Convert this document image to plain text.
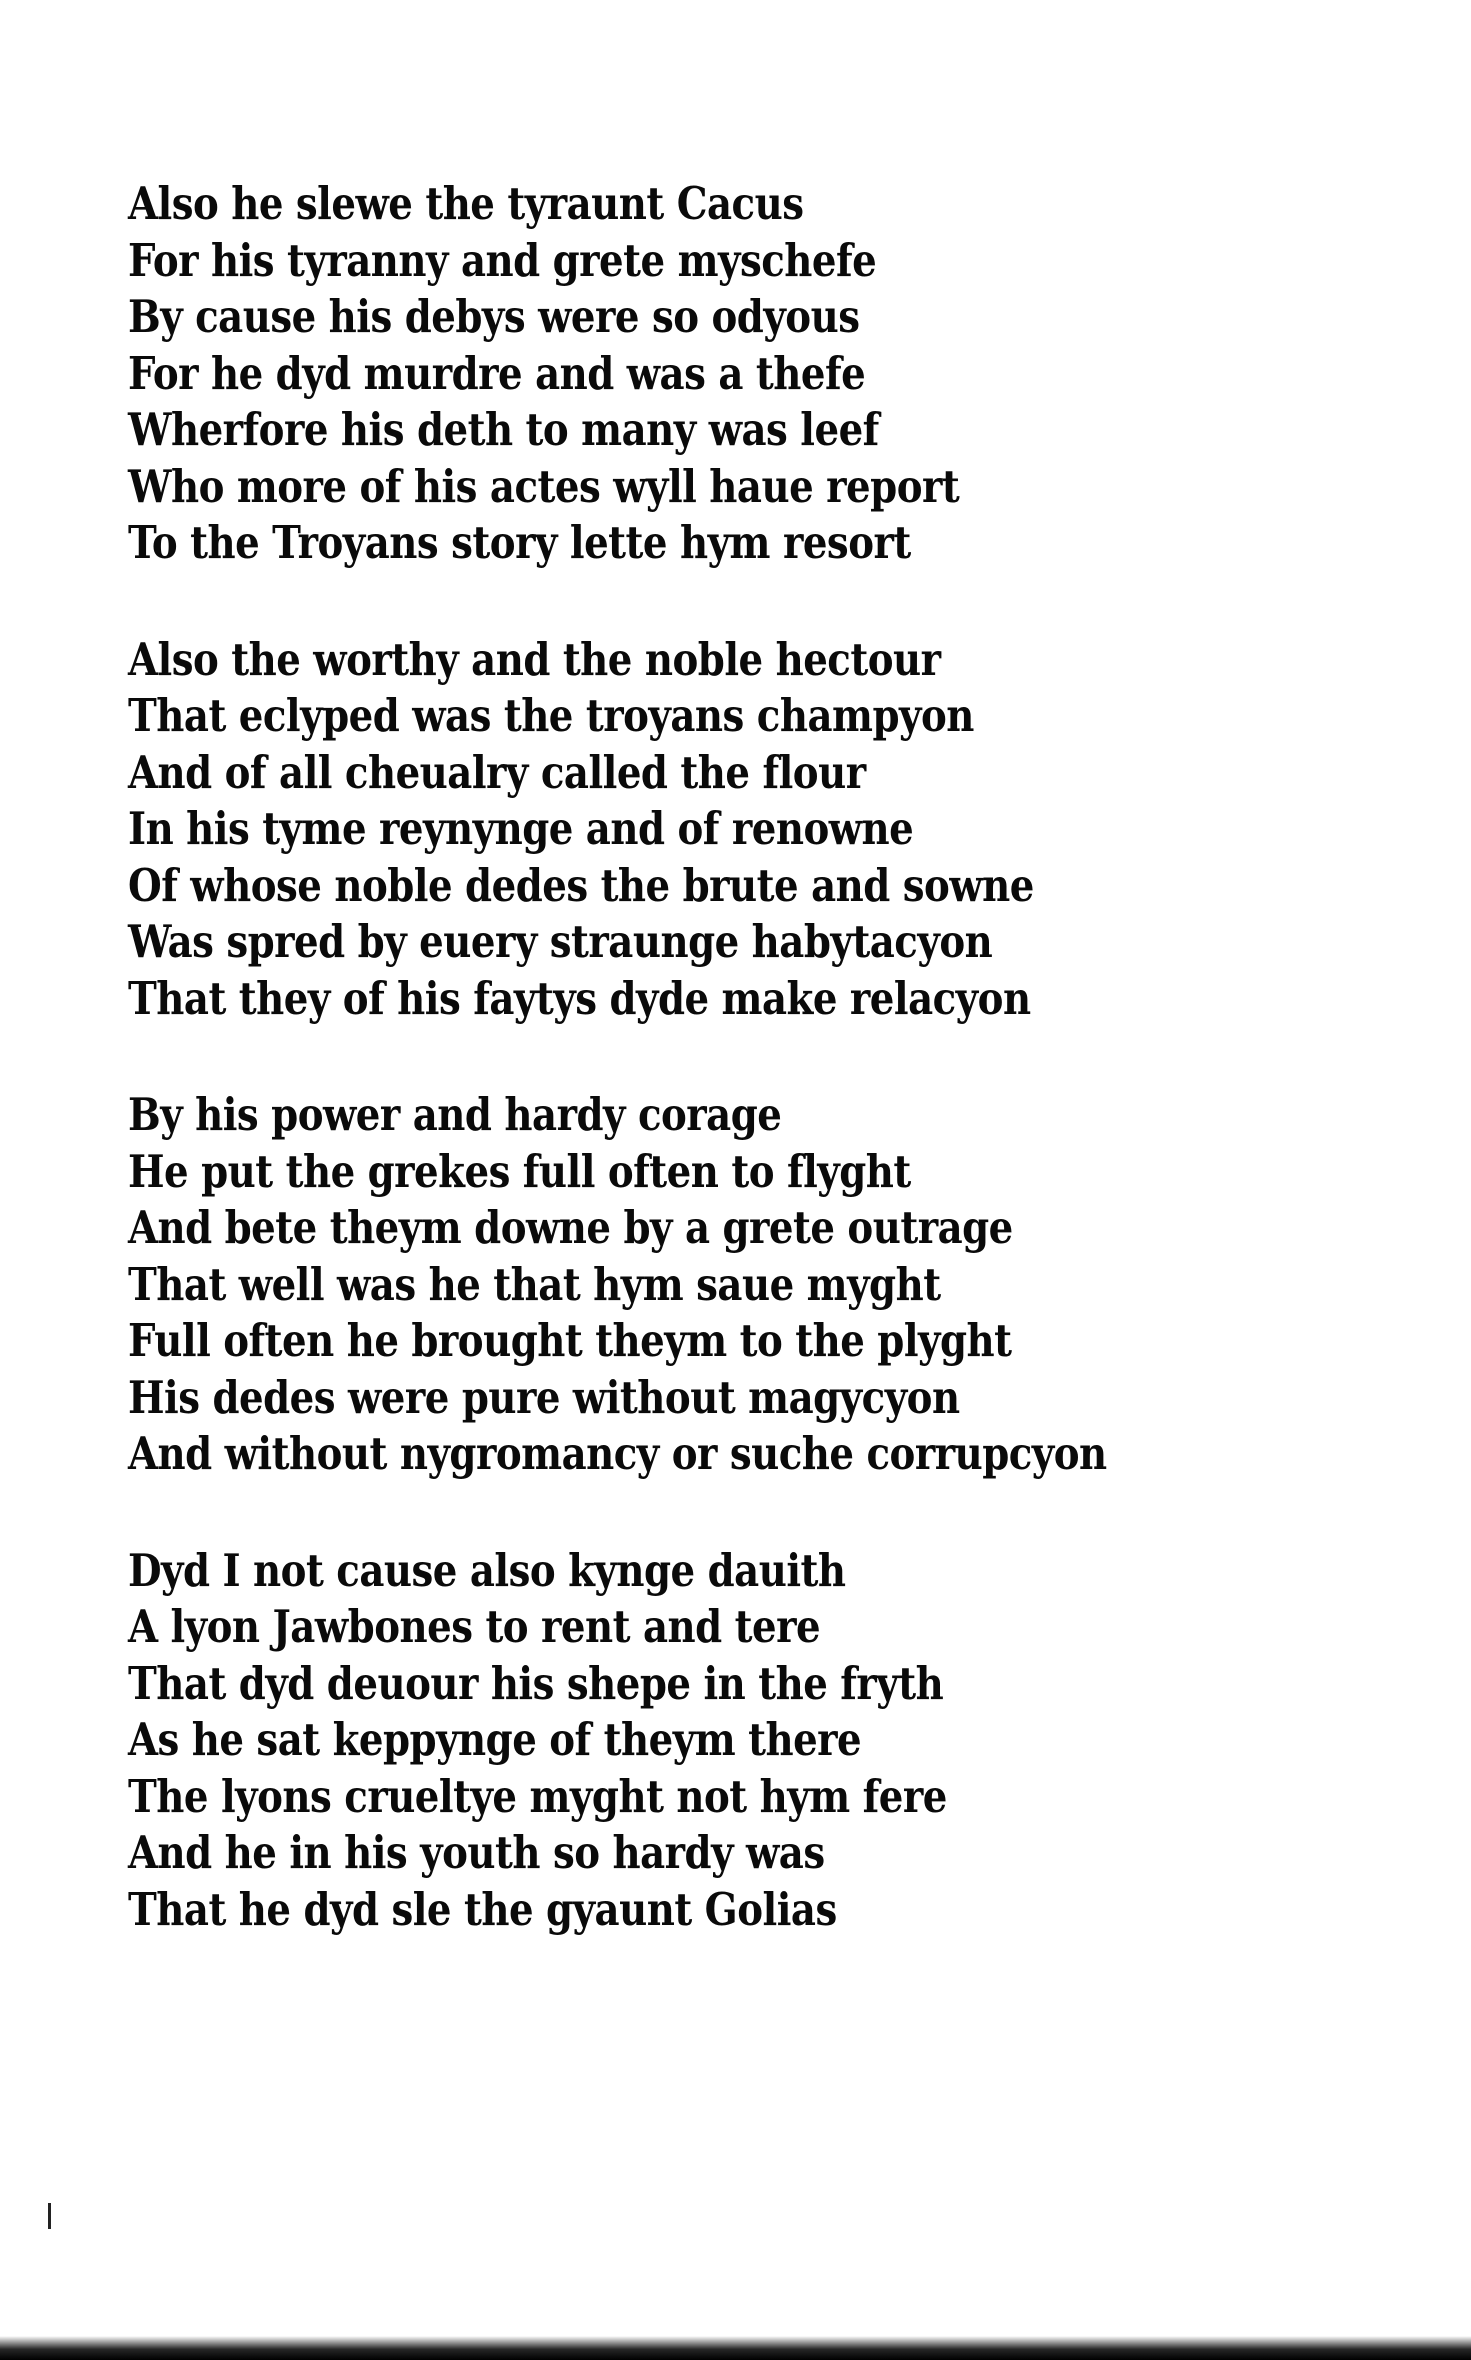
Also he slewe the tyraunt Cacus
For his tyranny and grete myschefe
By cause his debys were so odyous
For he dyd murdre and was a thefe
Wherfore his deth to many was leef
Who more of his actes wyll haue report
To the Troyans story lette hym resort
Also the worthy and the noble hectour
That eclyped was the troyans champyon
And of all cheualry called the flour
In his tyme reynynge and of renowne
Of whose noble dedes the brute and sowne
Was spred by euery straunge habytacyon
That they of his faytys dyde make relacyon
By his power and hardy corage
He put the grekes full often to flyght
And bete theym downe by a grete outrage
That well was he that hym saue myght
Full often he brought theym to the plyght
His dedes were pure without magycyon
And without nygromancy or suche corrupcyon
Dyd I not cause also kynge dauith
A lyon Jawbones to rent and tere
That dyd deuour his shepe in the fryth
As he sat keppynge of theym there
The lyons crueltye myght not hym fere
And he in his youth so hardy was
That he dyd sle the gyaunt Golias
